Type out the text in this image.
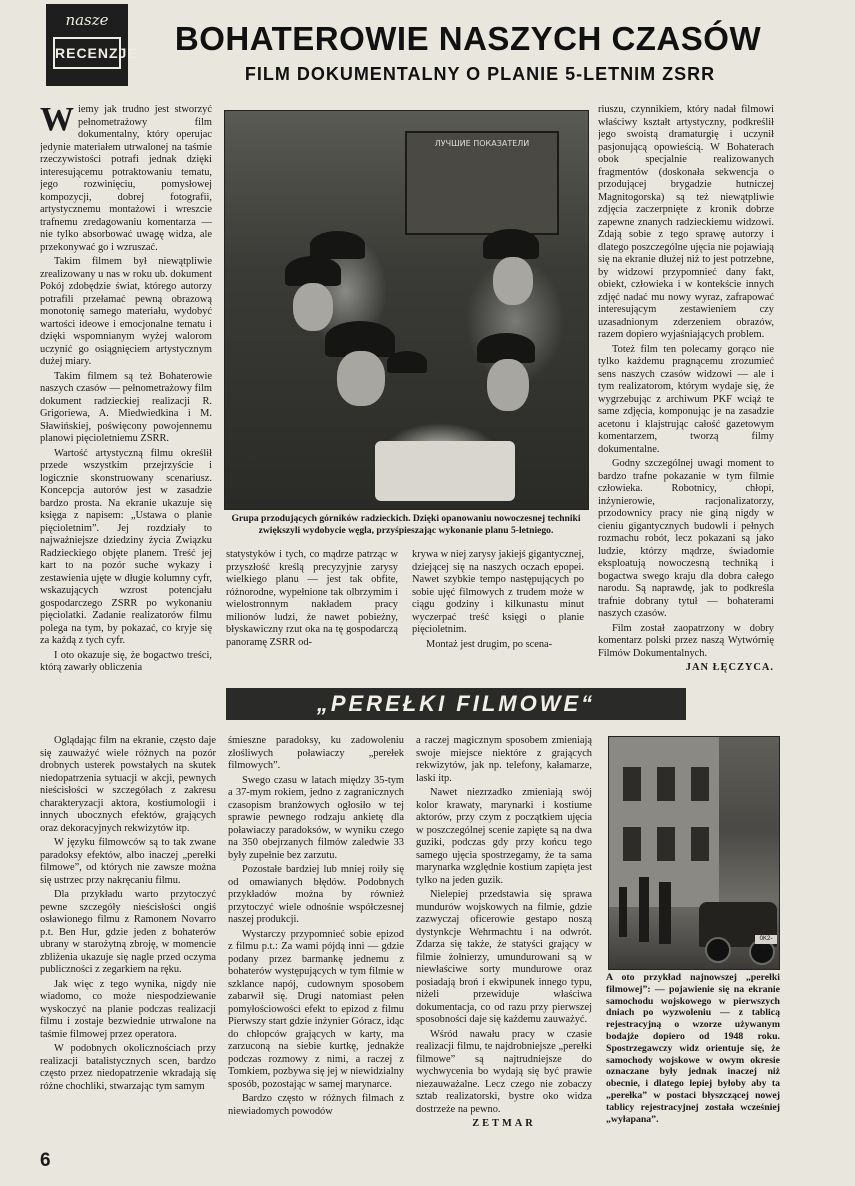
nasze
RECENZJE	BOHATEROWIE NASZYCH CZASÓW
FILM DOKUMENTALNY O PLANIE 5-LETNIM ZSRR

Wiemy jak trudno jest stworzyć pełnometrażowy film dokumentalny, który operujac jedynie materiałem utrwalonej na taśmie rzeczywistości potrafi jednak dzięki interesującemu potraktowaniu tematu, jego rozwinięciu, pomysłowej kompozycji, dobrej fotografii, artystycznemu montażowi i wreszcie trafnemu zredagowaniu komentarza — nie tylko absorbować uwagę widza, ale przekonywać go i wzruszać.

Takim filmem był niewątpliwie zrealizowany u nas w roku ub. dokument Pokój zdobędzie świat, którego autorzy potrafili przełamać pewną obrazową monotonię samego materiału, wydobyć wartości ideowe i emocjonalne tematu i dzięki wspomnianym wyżej walorom uczynić go osiągnięciem artystycznym dużej miary.

Takim filmem są też Bohaterowie naszych czasów — pełnometrażowy film dokument radzieckiej realizacji R. Grigoriewa, A. Miedwiedkina i M. Sławińskiej, poświęcony powojennemu planowi pięcioletniemu ZSRR.

Wartość artystyczną filmu określił przede wszystkim przejrzyście i logicznie skonstruowany scenariusz. Koncepcja autorów jest w zasadzie bardzo prosta. Na ekranie ukazuje się księga z napisem: „Ustawa o planie pięcioletnim”. Jej rozdziały to najważniejsze dziedziny życia Związku Radzieckiego objęte planem. Treść jej kart to na pozór suche wykazy i zestawienia ujęte w długie kolumny cyfr, wskazujących wzrost potencjału gospodarczego ZSRR po wykonaniu pięciolatki. Zadanie realizatorów filmu polega na tym, by pokazać, co kryje się za każdą z tych cyfr.

I oto okazuje się, że bogactwo treści, którą zawarły obliczenia

ЛУЧШИЕ ПОКАЗАТЕЛИ
Grupa przodujących górników radzieckich. Dzięki opanowaniu nowoczesnej techniki zwiększyli wydobycie węgla, przyśpieszając wykonanie planu 5-letniego.

statystyków i tych, co mądrze patrząc w przyszłość kreślą precyzyjnie zarysy wielkiego planu — jest tak obfite, różnorodne, wypełnione tak olbrzymim i wielostronnym nakładem pracy milionów ludzi, że nawet pobieżny, błyskawiczny rzut oka na tę gospodarczą panoramę ZSRR od-

krywa w niej zarysy jakiejś gigantycznej, dziejącej się na naszych oczach epopei. Nawet szybkie tempo następujących po sobie ujęć filmowych z trudem może w ciągu godziny i kilkunastu minut wyczerpać treść księgi o planie pięcioletnim.

Montaż jest drugim, po scena-

riuszu, czynnikiem, który nadał filmowi właściwy kształt artystyczny, podkreślił jego swoistą dramaturgię i uczynił pasjonującą opowieścią. W Bohaterach obok specjalnie realizowanych fragmentów (doskonała sekwencja o przodującej brygadzie hutniczej Magnitogorska) są też niewątpliwie zdjęcia zaczerpnięte z kronik dobrze zapewne znanych radzieckiemu widzowi. Zdają sobie z tego sprawę autorzy i dlatego poszczególne ujęcia nie pojawiają się na ekranie dłużej niż to jest potrzebne, by widzowi przypomnieć dany fakt, obiekt, człowieka i w kontekście innych zdjęć nadać mu nowy wyraz, zafrapować interesującym zestawieniem czy uzasadnionym zderzeniem obrazów, razem dopiero wyjaśniających problem.

Toteż film ten polecamy gorąco nie tylko każdemu pragnącemu zrozumieć sens naszych czasów widzowi — ale i tym realizatorom, którym wydaje się, że wygrzebując z archiwum PKF wciąż te same zdjęcia, komponując je na zasadzie acetonu i klajstrując całość gazetowym komentarzem, tworzą filmy dokumentalne.

Godny szczególnej uwagi moment to bardzo trafne pokazanie w tym filmie człowieka. Robotnicy, chłopi, inżynierowie, racjonalizatorzy, przodownicy pracy nie giną nigdy w cieniu gigantycznych budowli i pełnych rozmachu robót, lecz pokazani są jako ludzie, którzy mądrze, świadomie eksploatują nowoczesną techniką i bogactwa swego kraju dla dobra całego narodu. Są naprawdę, jak to podkreśla trafnie dobrany tytuł — bohaterami naszych czasów.

Film został zaopatrzony w dobry komentarz polski przez naszą Wytwórnię Filmów Dokumentalnych.

JAN ŁĘCZYCA.

„PEREŁKI FILMOWE“

Oglądając film na ekranie, często daje się zauważyć wiele różnych na pozór drobnych usterek powstałych na skutek niedopatrzenia sytuacji w akcji, pewnych nieścisłości w szczegółach z zakresu charakteryzacji aktora, kostiumologii i innych ubocznych efektów, grających oraz dekoracyjnych rekwizytów itp.

W języku filmowców są to tak zwane paradoksy efektów, albo inaczej „perełki filmowe”, od których nie zawsze można się ustrzec przy nakręcaniu filmu.

Dla przykładu warto przytoczyć pewne szczegóły nieścisłości ongiś osławionego filmu z Ramonem Novarro p.t. Ben Hur, gdzie jeden z bohaterów ubrany w starożytną zbroję, w momencie zbliżenia ukazuje się nagle przed oczyma publiczności z zegarkiem na ręku.

Jak więc z tego wynika, nigdy nie wiadomo, co może niespodziewanie wyskoczyć na planie podczas realizacji filmu i zostaje bezwiednie utrwalone na taśmie filmowej przez operatora.

W podobnych okolicznościach przy realizacji batalistycznych scen, bardzo często przez niedopatrzenie wkradają się różne chochliki, stwarzając tym samym

śmieszne paradoksy, ku zadowoleniu złośliwych poławiaczy „perełek filmowych”.

Swego czasu w latach między 35-tym a 37-mym rokiem, jedno z zagranicznych czasopism branżowych ogłosiło w tej sprawie pewnego rodzaju ankietę dla poławiaczy paradoksów, w wyniku czego na 350 obejrzanych filmów zaledwie 33 były zupełnie bez zarzutu.

Pozostałe bardziej lub mniej roiły się od omawianych błędów. Podobnych przykładów można by również przytoczyć wiele odnośnie współczesnej naszej produkcji.

Wystarczy przypomnieć sobie epizod z filmu p.t.: Za wami pójdą inni — gdzie podany przez barmankę jednemu z bohaterów występujących w tym filmie w szklance napój, cudownym sposobem zabarwił się. Drugi natomiast pełen pomyłościowości efekt to epizod z filmu Pierwszy start gdzie inżynier Góracz, idąc do chłopców grających w karty, ma zarzuconą na siebie kurtkę, jednakże podczas rozmowy z nimi, a raczej z Tomkiem, pozbywa się jej w niewidzialny sposób, pozostając w samej marynarce.

Bardzo często w różnych filmach z niewiadomych powodów

a raczej magicznym sposobem zmieniają swoje miejsce niektóre z grających rekwizytów, jak np. telefony, kałamarze, laski itp.

Nawet niezrzadko zmieniają swój kolor krawaty, marynarki i kostiume aktorów, przy czym z początkiem ujęcia w poszczególnej scenie zapięte są na dwa guziki, podczas gdy przy końcu tego samego ujęcia spostrzegamy, że ta sama marynarka względnie kostium zapięta jest tylko na jeden guzik.

Nielepiej przedstawia się sprawa mundurów wojskowych na filmie, gdzie zazwyczaj oficerowie gestapo noszą dystynkcje Wehrmachtu i na odwrót. Zdarza się także, że statyści grający w filmie żołnierzy, umundurowani są w niewłaściwe sorty mundurowe oraz posiadają broń i ekwipunek innego typu, niżeli przewiduje właściwa dokumentacja, co od razu przy pierwszej sposobności daje się każdemu zauważyć.

Wśród nawału pracy w czasie realizacji filmu, te najdrobniejsze „perełki filmowe” są najtrudniejsze do wychwycenia bo wydają się być prawie niezauważalne. Lecz czego nie zobaczy sztab realizatorski, bystre oko widza dostrzeże na pewno.

ZETMAR

0K2-802
A oto przykład najnowszej „perełki filmowej”: — pojawienie się na ekranie samochodu wojskowego w pierwszych dniach po wyzwoleniu — z tablicą rejestracyjną o wzorze używanym bodajże dopiero od 1948 roku. Spostrzegawczy widz orientuje się, że samochody wojskowe w owym okresie oznaczane były jednak inaczej niż obecnie, i dlatego lepiej byłoby aby ta „perełka” w postaci błyszczącej nowej tablicy rejestracyjnej została wcześniej „wyłapana”.
6
